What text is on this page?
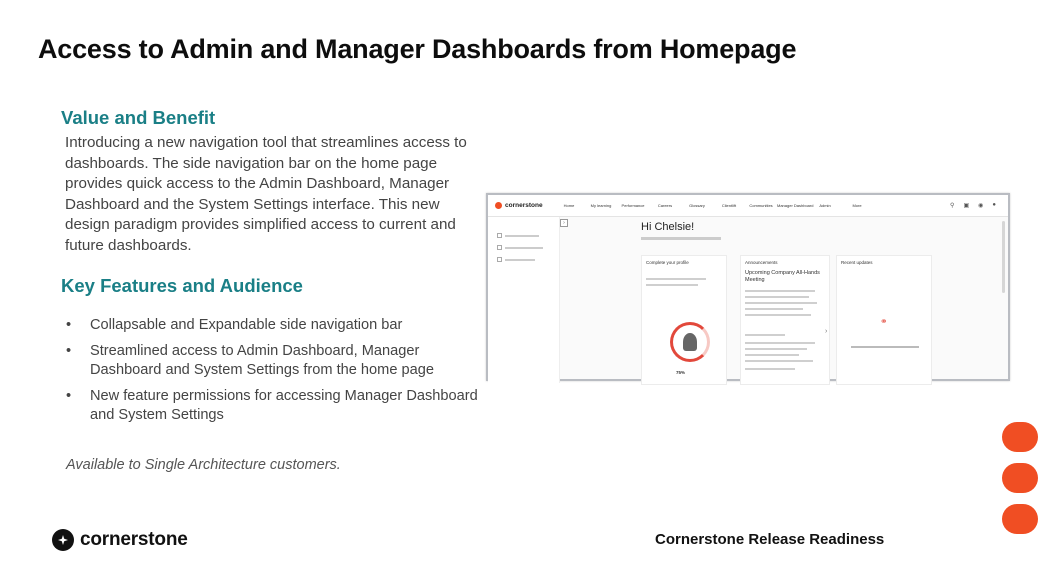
Access to Admin and Manager Dashboards from Homepage
Value and Benefit

Introducing a new navigation tool that streamlines access to dashboards. The side navigation bar on the home page provides quick access to the Admin Dashboard, Manager Dashboard and the System Settings interface. This new design paradigm provides simplified access to current and future dashboards.

Key Features and Audience
• Collapsable and Expandable side navigation bar
• Streamlined access to Admin Dashboard, Manager Dashboard and System Settings from the home page
• New feature permissions for accessing Manager Dashboard and System Settings
Available to Single Architecture customers.
cornerstone	Home	My learning	Performance	Careers	Glossary	Clientlift	Communities	Manager Dashboard	Admin	More	⚲ ▣ ◉ ●
›	Hi Chelsie!
Complete your profile
75%
Announcements
Upcoming Company All-Hands Meeting
›
Recent updates
⚭
cornerstone	Cornerstone Release Readiness
